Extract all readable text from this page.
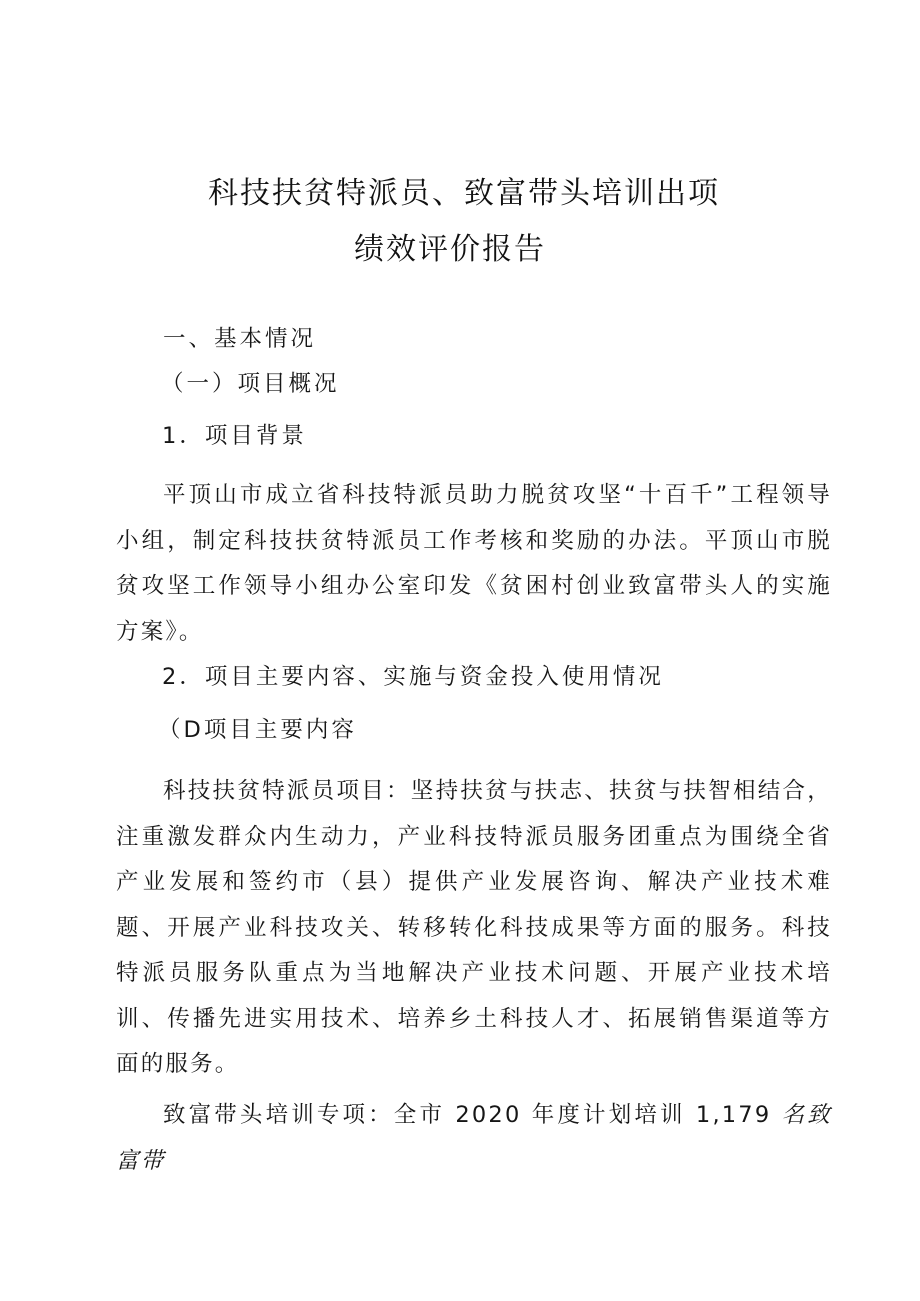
科技扶贫特派员、致富带头培训出项
绩效评价报告
一、基本情况
（一）项目概况
1．项目背景
平顶山市成立省科技特派员助力脱贫攻坚“十百千”工程领导小组，制定科技扶贫特派员工作考核和奖励的办法。平顶山市脱贫攻坚工作领导小组办公室印发《贫困村创业致富带头人的实施方案》。
2．项目主要内容、实施与资金投入使用情况
（D项目主要内容
科技扶贫特派员项目：坚持扶贫与扶志、扶贫与扶智相结合，注重激发群众内生动力，产业科技特派员服务团重点为围绕全省产业发展和签约市（县）提供产业发展咨询、解决产业技术难题、开展产业科技攻关、转移转化科技成果等方面的服务。科技特派员服务队重点为当地解决产业技术问题、开展产业技术培训、传播先进实用技术、培养乡土科技人才、拓展销售渠道等方面的服务。
致富带头培训专项：全市 2020 年度计划培训 1,179 名致富带
